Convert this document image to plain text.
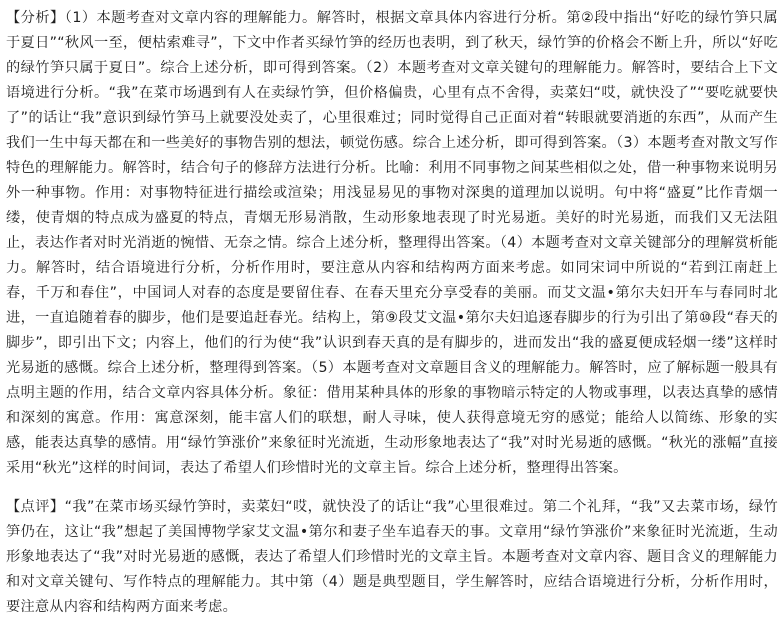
【分析】（1）本题考查对文章内容的理解能力。解答时，根据文章具体内容进行分析。第②段中指出“好吃的绿竹笋只属于夏日”“秋风一至，便枯索难寻”，下文中作者买绿竹笋的经历也表明，到了秋天，绿竹笋的价格会不断上升，所以“好吃的绿竹笋只属于夏日”。综合上述分析，即可得到答案。（2）本题考查对文章关键句的理解能力。解答时，要结合上下文语境进行分析。“我”在菜市场遇到有人在卖绿竹笋，但价格偏贵，心里有点不舍得，卖菜妇“哎，就快没了”“要吃就要快了”的话让“我”意识到绿竹笋马上就要没处卖了，心里很难过；同时觉得自己正面对着“转眼就要消逝的东西”，从而产生我们一生中每天都在和一些美好的事物告别的想法，顿觉伤感。综合上述分析，即可得到答案。（3）本题考查对散文写作特色的理解能力。解答时，结合句子的修辞方法进行分析。比喻：利用不同事物之间某些相似之处，借一种事物来说明另外一种事物。作用：对事物特征进行描绘或渲染；用浅显易见的事物对深奥的道理加以说明。句中将“盛夏”比作青烟一缕，使青烟的特点成为盛夏的特点，青烟无形易消散，生动形象地表现了时光易逝。美好的时光易逝，而我们又无法阻止，表达作者对时光消逝的惋惜、无奈之情。综合上述分析，整理得出答案。（4）本题考查对文章关键部分的理解赏析能力。解答时，结合语境进行分析，分析作用时，要注意从内容和结构两方面来考虑。如同宋词中所说的“若到江南赶上春，千万和春住”，中国词人对春的态度是要留住春、在春天里充分享受春的美丽。而艾文温•第尔夫妇开车与春同时北进，一直追随着春的脚步，他们是要追赶春光。结构上，第⑨段艾文温•第尔夫妇追逐春脚步的行为引出了第⑩段“春天的脚步”，即引出下文；内容上，他们的行为使“我”认识到春天真的是有脚步的，进而发出“我的盛夏便成轻烟一缕”这样时光易逝的感慨。综合上述分析，整理得到答案。（5）本题考查对文章题目含义的理解能力。解答时，应了解标题一般具有点明主题的作用，结合文章内容具体分析。象征：借用某种具体的形象的事物暗示特定的人物或事理，以表达真挚的感情和深刻的寓意。作用：寓意深刻，能丰富人们的联想，耐人寻味，使人获得意境无穷的感觉；能给人以简练、形象的实感，能表达真挚的感情。用“绿竹笋涨价”来象征时光流逝，生动形象地表达了“我”对时光易逝的感慨。“秋光的涨幅”直接采用“秋光”这样的时间词，表达了希望人们珍惜时光的文章主旨。综合上述分析，整理得出答案。

【点评】“我”在菜市场买绿竹笋时，卖菜妇“哎，就快没了的话让“我”心里很难过。第二个礼拜，“我”又去菜市场，绿竹笋仍在，这让“我”想起了美国博物学家艾文温•第尔和妻子坐车追春天的事。文章用“绿竹笋涨价”来象征时光流逝，生动形象地表达了“我”对时光易逝的感慨，表达了希望人们珍惜时光的文章主旨。本题考查对文章内容、题目含义的理解能力和对文章关键句、写作特点的理解能力。其中第（4）题是典型题目，学生解答时，应结合语境进行分析，分析作用时，要注意从内容和结构两方面来考虑。
